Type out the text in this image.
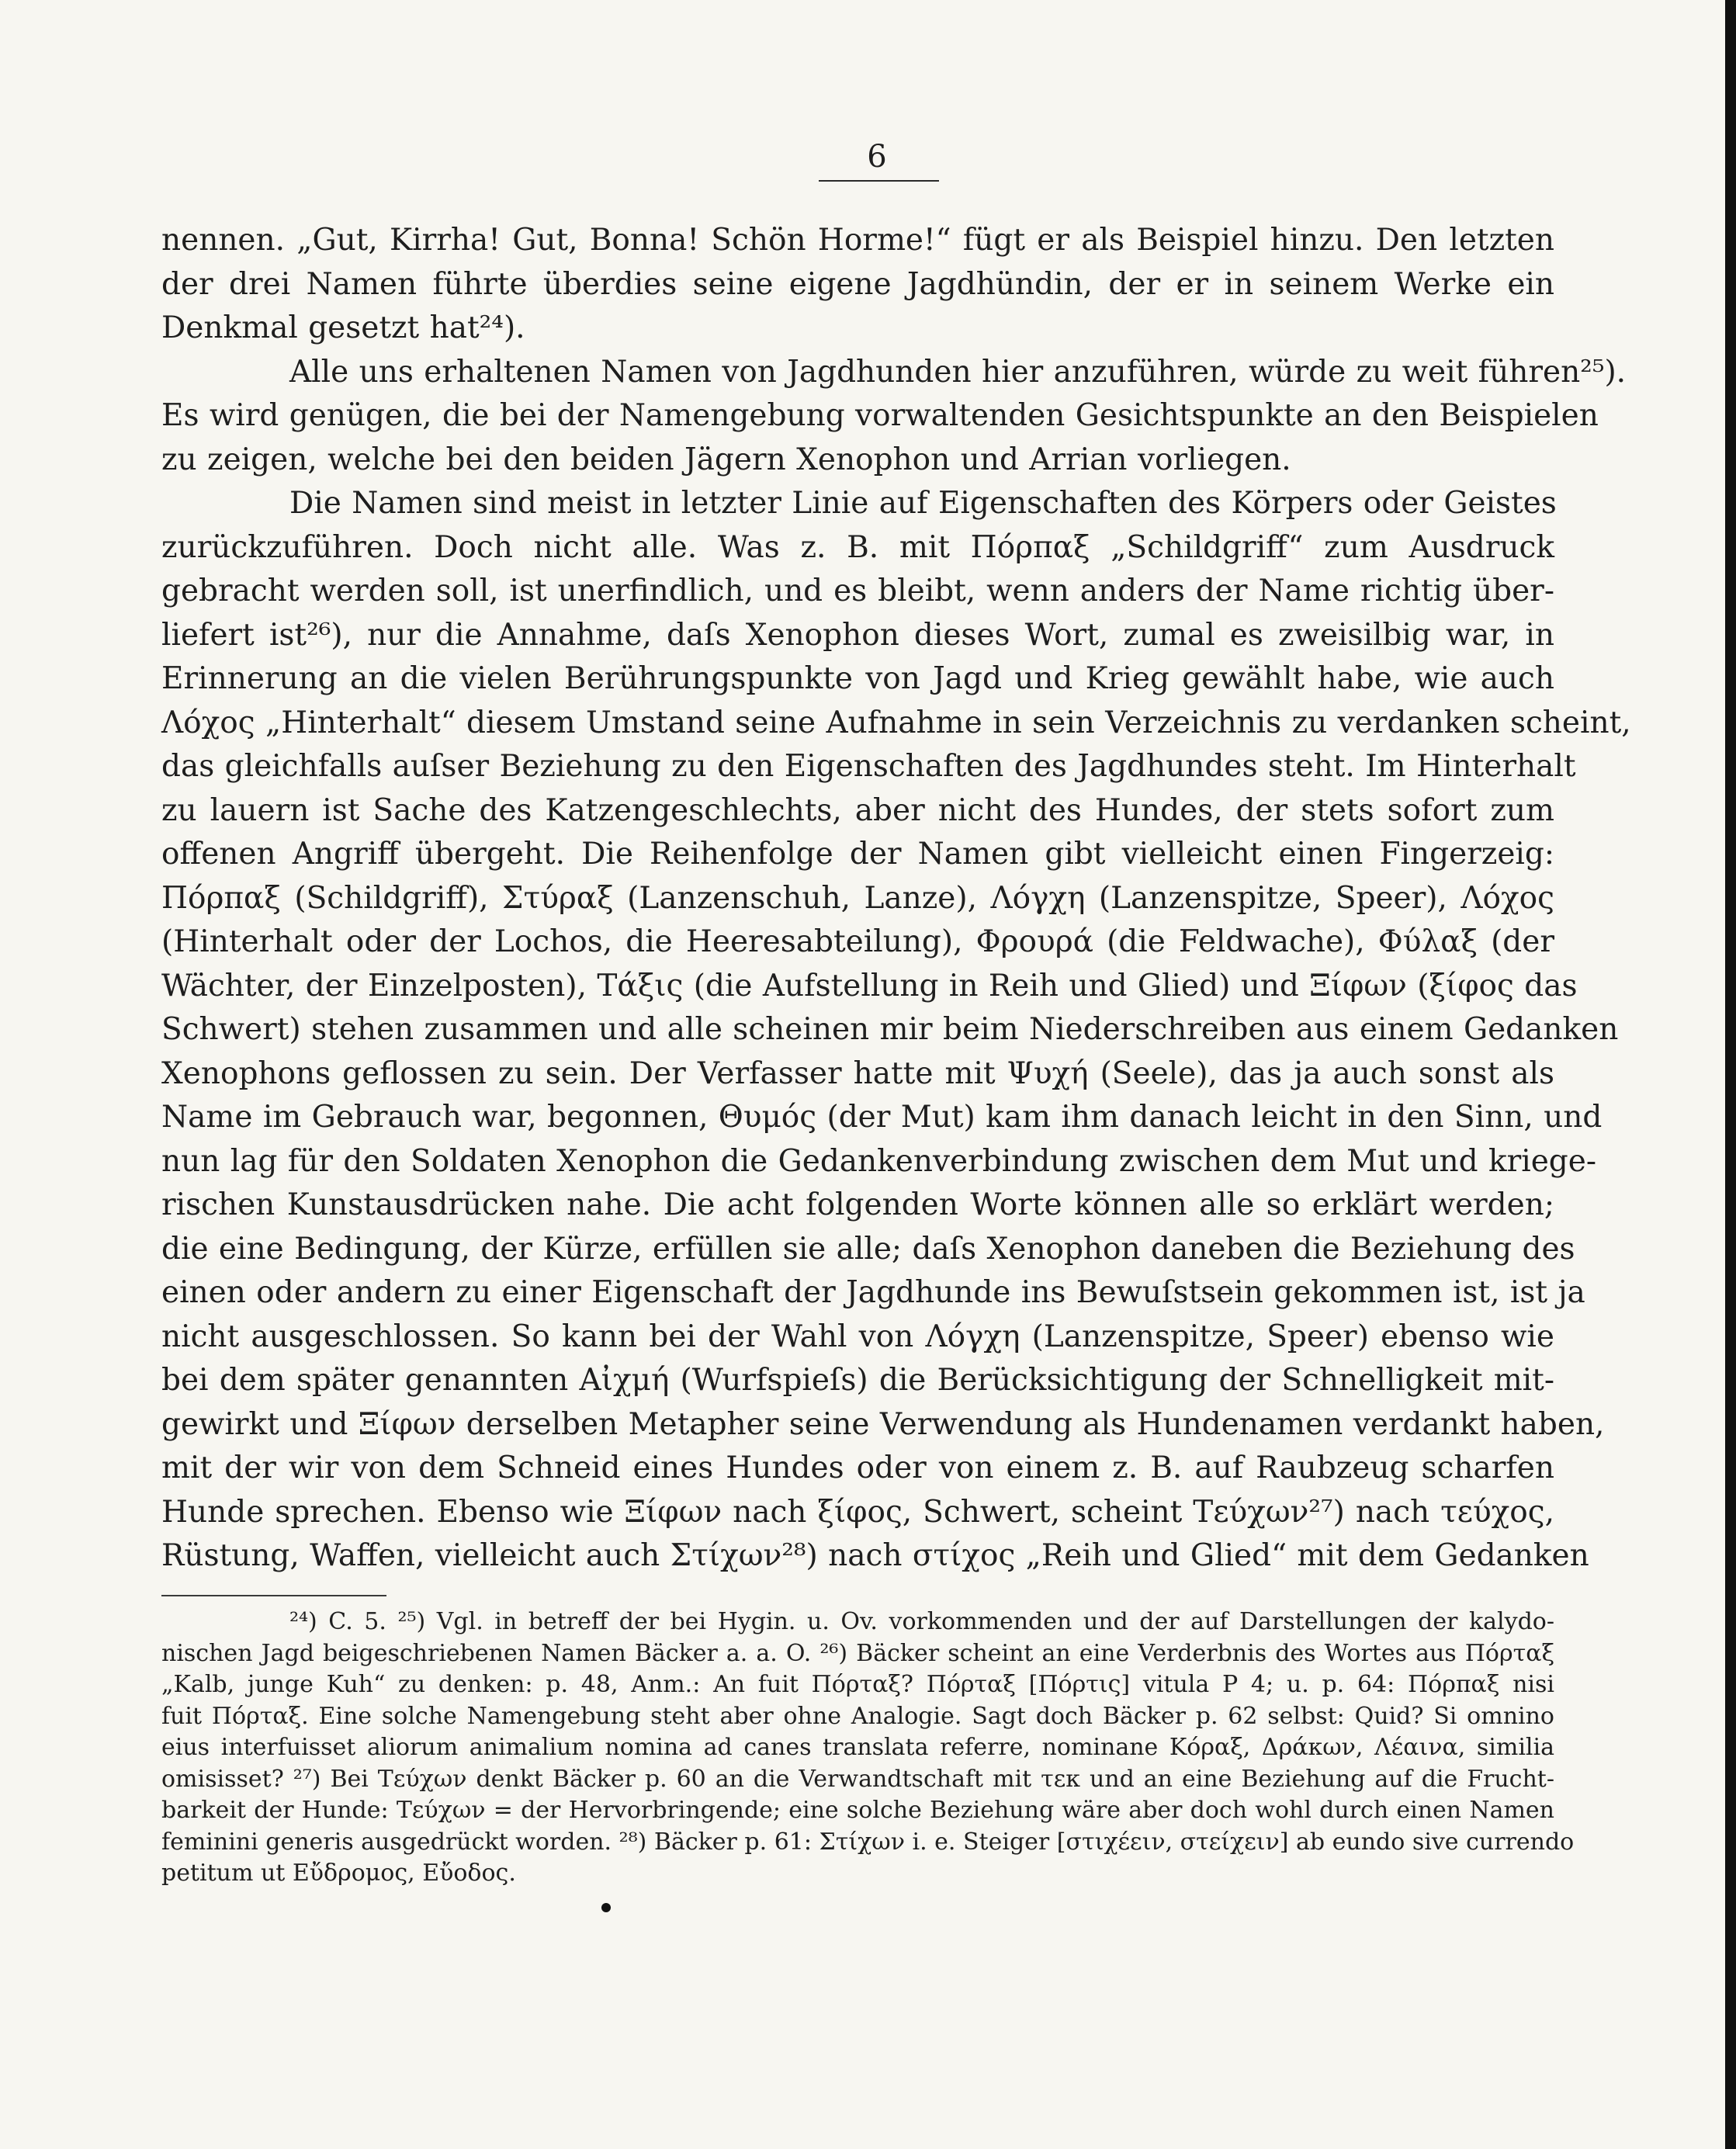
6
nennen. „Gut, Kirrha! Gut, Bonna! Schön Horme!“ fügt er als Beispiel hinzu. Den letzten
der drei Namen führte überdies seine eigene Jagdhündin, der er in seinem Werke ein
Denkmal gesetzt hat²⁴).
Alle uns erhaltenen Namen von Jagdhunden hier anzuführen, würde zu weit führen²⁵).
Es wird genügen, die bei der Namengebung vorwaltenden Gesichtspunkte an den Beispielen
zu zeigen, welche bei den beiden Jägern Xenophon und Arrian vorliegen.
Die Namen sind meist in letzter Linie auf Eigenschaften des Körpers oder Geistes
zurückzuführen. Doch nicht alle. Was z. B. mit Πόρπαξ „Schildgriff“ zum Ausdruck
gebracht werden soll, ist unerfindlich, und es bleibt, wenn anders der Name richtig über-
liefert ist²⁶), nur die Annahme, daſs Xenophon dieses Wort, zumal es zweisilbig war, in
Erinnerung an die vielen Berührungspunkte von Jagd und Krieg gewählt habe, wie auch
Λόχος „Hinterhalt“ diesem Umstand seine Aufnahme in sein Verzeichnis zu verdanken scheint,
das gleichfalls auſser Beziehung zu den Eigenschaften des Jagdhundes steht. Im Hinterhalt
zu lauern ist Sache des Katzengeschlechts, aber nicht des Hundes, der stets sofort zum
offenen Angriff übergeht. Die Reihenfolge der Namen gibt vielleicht einen Fingerzeig:
Πόρπαξ (Schildgriff), Στύραξ (Lanzenschuh, Lanze), Λόγχη (Lanzenspitze, Speer), Λόχος
(Hinterhalt oder der Lochos, die Heeresabteilung), Φρουρά (die Feldwache), Φύλαξ (der
Wächter, der Einzelposten), Τάξις (die Aufstellung in Reih und Glied) und Ξίφων (ξίφος das
Schwert) stehen zusammen und alle scheinen mir beim Niederschreiben aus einem Gedanken
Xenophons geflossen zu sein. Der Verfasser hatte mit Ψυχή (Seele), das ja auch sonst als
Name im Gebrauch war, begonnen, Θυμός (der Mut) kam ihm danach leicht in den Sinn, und
nun lag für den Soldaten Xenophon die Gedankenverbindung zwischen dem Mut und kriege-
rischen Kunstausdrücken nahe. Die acht folgenden Worte können alle so erklärt werden;
die eine Bedingung, der Kürze, erfüllen sie alle; daſs Xenophon daneben die Beziehung des
einen oder andern zu einer Eigenschaft der Jagdhunde ins Bewuſstsein gekommen ist, ist ja
nicht ausgeschlossen. So kann bei der Wahl von Λόγχη (Lanzenspitze, Speer) ebenso wie
bei dem später genannten Αἰχμή (Wurfspieſs) die Berücksichtigung der Schnelligkeit mit-
gewirkt und Ξίφων derselben Metapher seine Verwendung als Hundenamen verdankt haben,
mit der wir von dem Schneid eines Hundes oder von einem z. B. auf Raubzeug scharfen
Hunde sprechen. Ebenso wie Ξίφων nach ξίφος, Schwert, scheint Τεύχων²⁷) nach τεύχος,
Rüstung, Waffen, vielleicht auch Στίχων²⁸) nach στίχος „Reih und Glied“ mit dem Gedanken
²⁴) C. 5. ²⁵) Vgl. in betreff der bei Hygin. u. Ov. vorkommenden und der auf Darstellungen der kalydo-
nischen Jagd beigeschriebenen Namen Bäcker a. a. O. ²⁶) Bäcker scheint an eine Verderbnis des Wortes aus Πόρταξ
„Kalb, junge Kuh“ zu denken: p. 48, Anm.: An fuit Πόρταξ? Πόρταξ [Πόρτις] vitula P 4; u. p. 64: Πόρπαξ nisi
fuit Πόρταξ. Eine solche Namengebung steht aber ohne Analogie. Sagt doch Bäcker p. 62 selbst: Quid? Si omnino
eius interfuisset aliorum animalium nomina ad canes translata referre, nominane Κόραξ, Δράκων, Λέαινα, similia
omisisset? ²⁷) Bei Τεύχων denkt Bäcker p. 60 an die Verwandtschaft mit τεκ und an eine Beziehung auf die Frucht-
barkeit der Hunde: Τεύχων = der Hervorbringende; eine solche Beziehung wäre aber doch wohl durch einen Namen
feminini generis ausgedrückt worden. ²⁸) Bäcker p. 61: Στίχων i. e. Steiger [στιχέειν, στείχειν] ab eundo sive currendo
petitum ut Εὔδρομος, Εὔοδος.
